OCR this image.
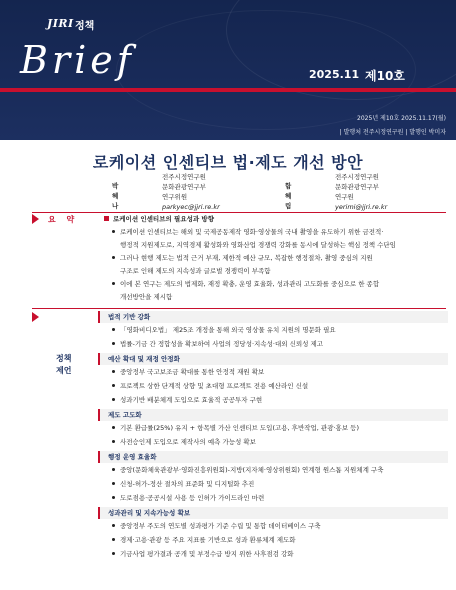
JIRI 정책
Brief	2025.11 제10호
2025년 제10호 2025.11.17(월)
| 발행처 전주시정연구원 | 발행인 박미자
로케이션 인센티브 법·제도 개선 방안
박혜나
전주시정연구원
문화관광연구부
연구위원
parkyec@jjri.re.kr
함혜림
전주시정연구원
문화관광연구부
연구원
yerimi@jjri.re.kr
요 약	로케이션 인센티브의 필요성과 방향
로케이션 인센티브는 해외 및 국제공동제작 영화·영상물의 국내 촬영을 유도하기 위한 금전적·
행정적 지원제도로, 지역경제 활성화와 영화산업 경쟁력 강화를 동시에 달성하는 핵심 정책 수단임
그러나 현행 제도는 법적 근거 부재, 제한적 예산 규모, 복잡한 행정절차, 촬영 중심의 지원
구조로 인해 제도의 지속성과 글로벌 경쟁력이 부족함
이에 본 연구는 제도의 법제화, 재정 확충, 운영 효율화, 성과관리 고도화를 중심으로 한 종합
개선방안을 제시함
정책
제언
법적 기반 강화
「영화비디오법」 제25조 개정을 통해 외국 영상물 유치 지원의 명문화 필요
법률-기금 간 정합성을 확보하여 사업의 정당성·지속성·대외 신뢰성 제고
예산 확대 및 재정 안정화
중앙정부 국고보조금 확대를 통한 안정적 재원 확보
프로젝트 상한 단계적 상향 및 초대형 프로젝트 전용 예산라인 신설
성과기반 배분체계 도입으로 효율적 공공투자 구현
제도 고도화
기본 환급률(25%) 유지 + 항목별 가산 인센티브 도입(고용, 후반작업, 관광·홍보 등)
사전승인제 도입으로 제작사의 예측 가능성 확보
행정 운영 효율화
중앙(문화체육관광부·영화진흥위원회)-지방(지자체·영상위원회) 연계형 원스톱 지원체계 구축
신청-허가-정산 절차의 표준화 및 디지털화 추진
도로점용·공공시설 사용 등 인허가 가이드라인 마련
성과관리 및 지속가능성 확보
중앙정부 주도의 연도별 성과평가 기준 수립 및 통합 데이터베이스 구축
경제·고용·관광 등 주요 지표를 기반으로 성과 환류체계 제도화
기금사업 평가결과 공개 및 부정수급 방지 위한 사후점검 강화
